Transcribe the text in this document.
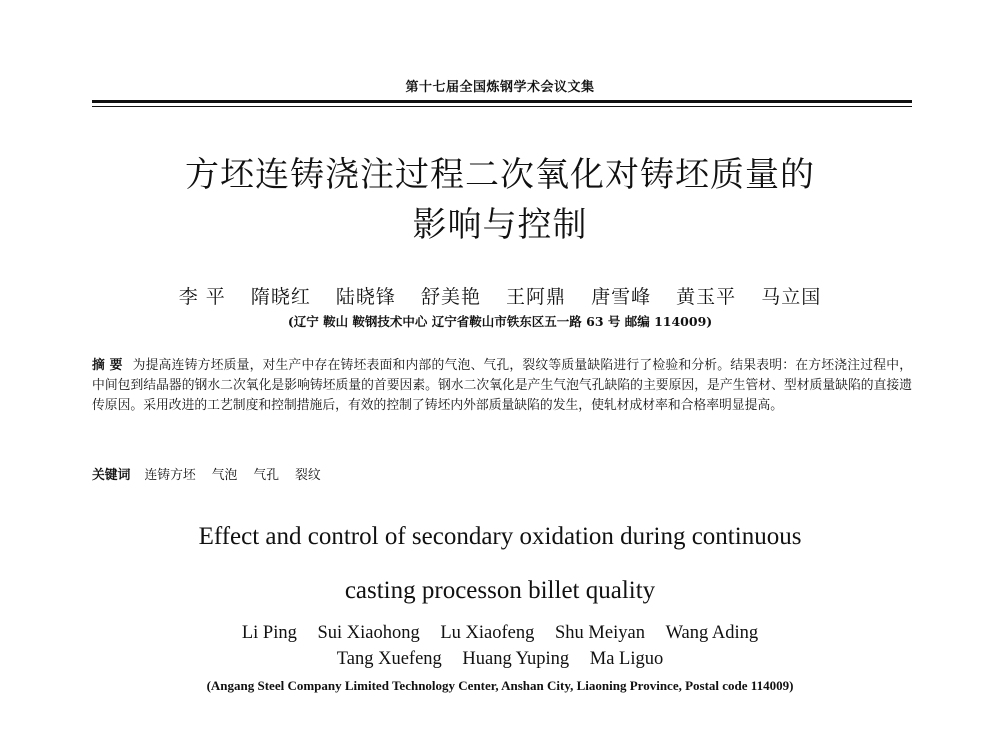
第十七届全国炼钢学术会议文集
方坯连铸浇注过程二次氧化对铸坯质量的
影响与控制
李 平 隋晓红 陆晓锋 舒美艳 王阿鼎 唐雪峰 黄玉平 马立国
(辽宁 鞍山 鞍钢技术中心 辽宁省鞍山市铁东区五一路 63 号 邮编 114009)
摘 要 为提高连铸方坯质量，对生产中存在铸坯表面和内部的气泡、气孔，裂纹等质量缺陷进行了检验和分析。结果表明：在方坯浇注过程中，中间包到结晶器的钢水二次氧化是影响铸坯质量的首要因素。钢水二次氧化是产生气泡气孔缺陷的主要原因，是产生管材、型材质量缺陷的直接遗传原因。采用改进的工艺制度和控制措施后，有效的控制了铸坯内外部质量缺陷的发生，使轧材成材率和合格率明显提高。
关键词 连铸方坯 气泡 气孔 裂纹
Effect and control of secondary oxidation during continuous
casting processon billet quality
Li Ping Sui Xiaohong Lu Xiaofeng Shu Meiyan Wang Ading
Tang Xuefeng Huang Yuping Ma Liguo
(Angang Steel Company Limited Technology Center, Anshan City, Liaoning Province, Postal code 114009)
